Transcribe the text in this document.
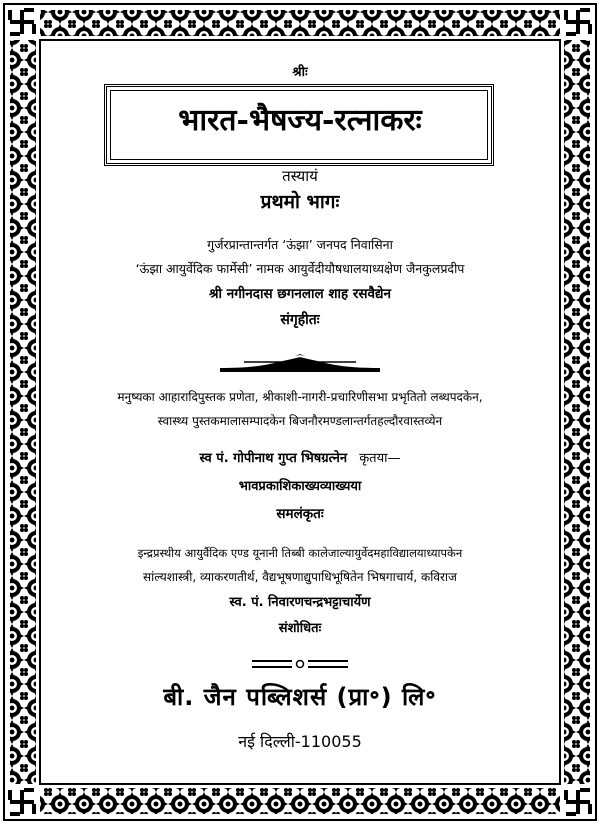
श्रीः
भारत-भैषज्य-रत्नाकरः
तस्यायं
प्रथमो भागः
गुर्जरप्रान्तान्तर्गत ‘ऊंझा’ जनपद निवासिना
‘ऊंझा आयुर्वेदिक फार्मेसी’ नामक आयुर्वेदीयौषधालयाध्यक्षेण जैनकुलप्रदीप
श्री नगीनदास छगनलाल शाह रसवैद्येन
संगृहीतः
मनुष्यका आहारादिपुस्तक प्रणेता, श्रीकाशी-नागरी-प्रचारिणीसभा प्रभृतितो लब्धपदकेन,
स्वास्थ्य पुस्तकमालासम्पादकेन बिजनौरमण्डलान्तर्गतहल्दौरवास्तव्येन
स्व पं. गोपीनाथ गुप्त भिषग्रत्नेन कृतया—
भावप्रकाशिकाख्यव्याख्यया
समलंकृतः
इन्द्रप्रस्थीय आयुर्वैदिक एण्ड यूनानी तिब्बी कालेजाल्यायुर्वेदमहाविद्यालयाध्यापकेन
सांल्यशास्त्री, व्याकरणतीर्थ, वैद्यभूषणाद्युपाधिभूषितेन भिषगाचार्य, कविराज
स्व. पं. निवारणचन्द्रभट्टाचार्येण
संशोधितः
बी. जैन पब्लिशर्स (प्रा॰) लि॰
नई दिल्ली-110055
